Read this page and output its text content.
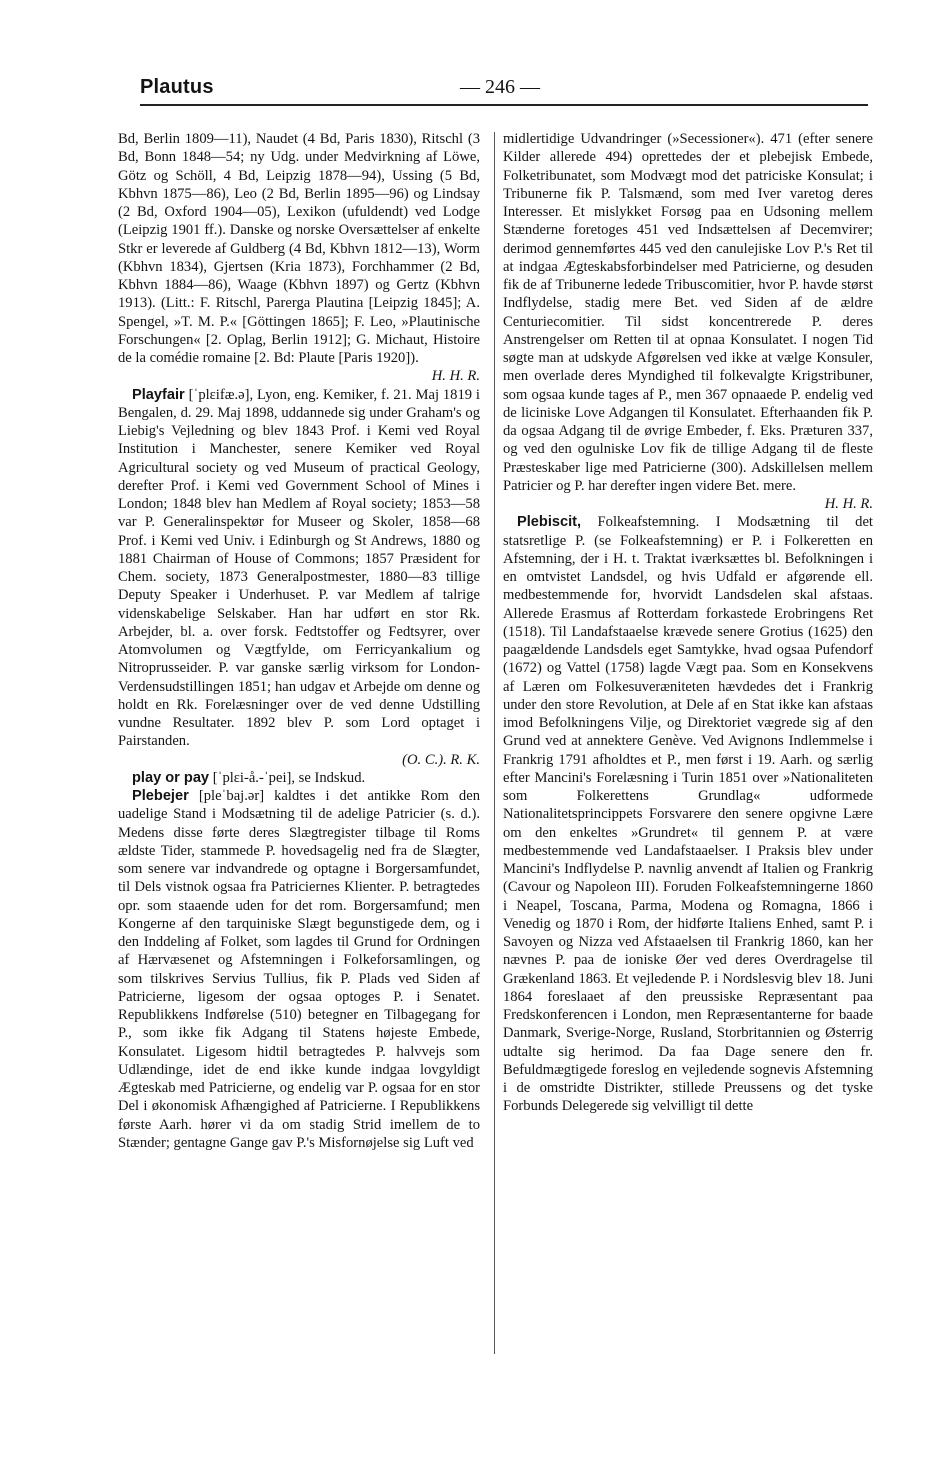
Plautus	— 246 —

Bd, Berlin 1809—11), Naudet (4 Bd, Paris 1830), Ritschl (3 Bd, Bonn 1848—54; ny Udg. under Medvirkning af Löwe, Götz og Schöll, 4 Bd, Leipzig 1878—94), Ussing (5 Bd, Kbhvn 1875—86), Leo (2 Bd, Berlin 1895—96) og Lindsay (2 Bd, Oxford 1904—05), Lexikon (ufuldendt) ved Lodge (Leipzig 1901 ff.). Danske og norske Oversættelser af enkelte Stkr er leverede af Guldberg (4 Bd, Kbhvn 1812—13), Worm (Kbhvn 1834), Gjertsen (Kria 1873), Forchhammer (2 Bd, Kbhvn 1884—86), Waage (Kbhvn 1897) og Gertz (Kbhvn 1913). (Litt.: F. Ritschl, Parerga Plautina [Leipzig 1845]; A. Spengel, »T. M. P.« [Göttingen 1865]; F. Leo, »Plautinische Forschungen« [2. Oplag, Berlin 1912]; G. Michaut, Histoire de la comédie romaine [2. Bd: Plaute [Paris 1920]).

H. H. R.

Playfair [ˈplɛifæ.ə], Lyon, eng. Kemiker, f. 21. Maj 1819 i Bengalen, d. 29. Maj 1898, uddannede sig under Graham's og Liebig's Vejledning og blev 1843 Prof. i Kemi ved Royal Institution i Manchester, senere Kemiker ved Royal Agricultural society og ved Museum of practical Geology, derefter Prof. i Kemi ved Government School of Mines i London; 1848 blev han Medlem af Royal society; 1853—58 var P. Generalinspektør for Museer og Skoler, 1858—68 Prof. i Kemi ved Univ. i Edinburgh og St Andrews, 1880 og 1881 Chairman of House of Commons; 1857 Præsident for Chem. society, 1873 Generalpostmester, 1880—83 tillige Deputy Speaker i Underhuset. P. var Medlem af talrige videnskabelige Selskaber. Han har udført en stor Rk. Arbejder, bl. a. over forsk. Fedtstoffer og Fedtsyrer, over Atomvolumen og Vægtfylde, om Ferricyankalium og Nitroprusseider. P. var ganske særlig virksom for London-Verdensudstillingen 1851; han udgav et Arbejde om denne og holdt en Rk. Forelæsninger over de ved denne Udstilling vundne Resultater. 1892 blev P. som Lord optaget i Pairstanden.

(O. C.). R. K.

play or pay [ˈplɛi-å.-ˈpei], se Indskud.

Plebejer [pleˈbaj.ər] kaldtes i det antikke Rom den uadelige Stand i Modsætning til de adelige Patricier (s. d.). Medens disse førte deres Slægtregister tilbage til Roms ældste Tider, stammede P. hovedsagelig ned fra de Slægter, som senere var indvandrede og optagne i Borgersamfundet, til Dels vistnok ogsaa fra Patriciernes Klienter. P. betragtedes opr. som staaende uden for det rom. Borgersamfund; men Kongerne af den tarquiniske Slægt begunstigede dem, og i den Inddeling af Folket, som lagdes til Grund for Ordningen af Hærvæsenet og Afstemningen i Folkeforsamlingen, og som tilskrives Servius Tullius, fik P. Plads ved Siden af Patricierne, ligesom der ogsaa optoges P. i Senatet. Republikkens Indførelse (510) betegner en Tilbagegang for P., som ikke fik Adgang til Statens højeste Embede, Konsulatet. Ligesom hidtil betragtedes P. halvvejs som Udlændinge, idet de end ikke kunde indgaa lovgyldigt Ægteskab med Patricierne, og endelig var P. ogsaa for en stor Del i økonomisk Afhængighed af Patricierne. I Republikkens første Aarh. hører vi da om stadig Strid imellem de to Stænder; gentagne Gange gav P.'s Misfornøjelse sig Luft ved

midlertidige Udvandringer (»Secessioner«). 471 (efter senere Kilder allerede 494) oprettedes der et plebejisk Embede, Folketribunatet, som Modvægt mod det patriciske Konsulat; i Tribunerne fik P. Talsmænd, som med Iver varetog deres Interesser. Et mislykket Forsøg paa en Udsoning mellem Stænderne foretoges 451 ved Indsættelsen af Decemvirer; derimod gennemførtes 445 ved den canulejiske Lov P.'s Ret til at indgaa Ægteskabsforbindelser med Patricierne, og desuden fik de af Tribunerne ledede Tribuscomitier, hvor P. havde størst Indflydelse, stadig mere Bet. ved Siden af de ældre Centuriecomitier. Til sidst koncentrerede P. deres Anstrengelser om Retten til at opnaa Konsulatet. I nogen Tid søgte man at udskyde Afgørelsen ved ikke at vælge Konsuler, men overlade deres Myndighed til folkevalgte Krigstribuner, som ogsaa kunde tages af P., men 367 opnaaede P. endelig ved de liciniske Love Adgangen til Konsulatet. Efterhaanden fik P. da ogsaa Adgang til de øvrige Embeder, f. Eks. Præturen 337, og ved den ogulniske Lov fik de tillige Adgang til de fleste Præsteskaber lige med Patricierne (300). Adskillelsen mellem Patricier og P. har derefter ingen videre Bet. mere.

H. H. R.

Plebiscit, Folkeafstemning. I Modsætning til det statsretlige P. (se Folkeafstemning) er P. i Folkeretten en Afstemning, der i H. t. Traktat iværksættes bl. Befolkningen i en omtvistet Landsdel, og hvis Udfald er afgørende ell. medbestemmende for, hvorvidt Landsdelen skal afstaas. Allerede Erasmus af Rotterdam forkastede Erobringens Ret (1518). Til Landafstaaelse krævede senere Grotius (1625) den paagældende Landsdels eget Samtykke, hvad ogsaa Pufendorf (1672) og Vattel (1758) lagde Vægt paa. Som en Konsekvens af Læren om Folkesuveræniteten hævdedes det i Frankrig under den store Revolution, at Dele af en Stat ikke kan afstaas imod Befolkningens Vilje, og Direktoriet vægrede sig af den Grund ved at annektere Genève. Ved Avignons Indlemmelse i Frankrig 1791 afholdtes et P., men først i 19. Aarh. og særlig efter Mancini's Forelæsning i Turin 1851 over »Nationaliteten som Folkerettens Grundlag« udformede Nationalitetsprincippets Forsvarere den senere opgivne Lære om den enkeltes »Grundret« til gennem P. at være medbestemmende ved Landafstaaelser. I Praksis blev under Mancini's Indflydelse P. navnlig anvendt af Italien og Frankrig (Cavour og Napoleon III). Foruden Folkeafstemningerne 1860 i Neapel, Toscana, Parma, Modena og Romagna, 1866 i Venedig og 1870 i Rom, der hidførte Italiens Enhed, samt P. i Savoyen og Nizza ved Afstaaelsen til Frankrig 1860, kan her nævnes P. paa de ioniske Øer ved deres Overdragelse til Grækenland 1863. Et vejledende P. i Nordslesvig blev 18. Juni 1864 foreslaaet af den preussiske Repræsentant paa Fredskonferencen i London, men Repræsentanterne for baade Danmark, Sverige-Norge, Rusland, Storbritannien og Østerrig udtalte sig herimod. Da faa Dage senere den fr. Befuldmægtigede foreslog en vejledende sognevis Afstemning i de omstridte Distrikter, stillede Preussens og det tyske Forbunds Delegerede sig velvilligt til dette
